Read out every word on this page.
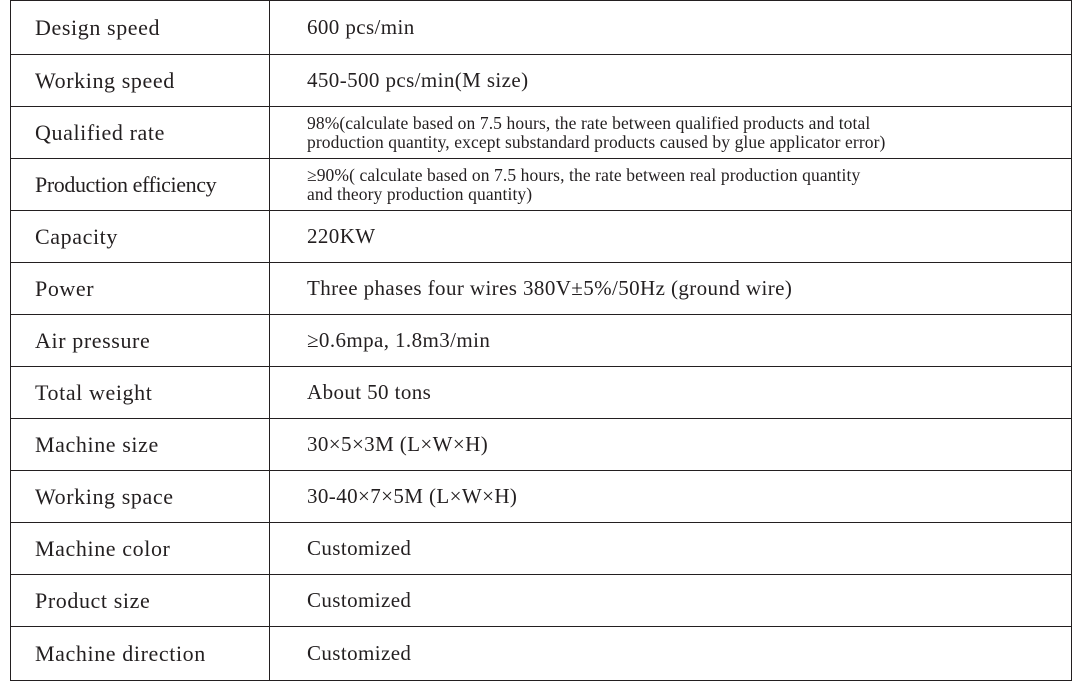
Design speed	600 pcs/min
Working speed	450-500 pcs/min(M size)
Qualified rate	98%(calculate based on 7.5 hours, the rate between qualified products and total
production quantity, except substandard products caused by glue applicator error)

Production efficiency	≥90%( calculate based on 7.5 hours, the rate between real production quantity
and theory production quantity)

Capacity	220KW
Power	Three phases four wires 380V±5%/50Hz (ground wire)
Air pressure	≥0.6mpa, 1.8m3/min
Total weight	About 50 tons
Machine size	30×5×3M (L×W×H)
Working space	30-40×7×5M (L×W×H)
Machine color	Customized
Product size	Customized
Machine direction	Customized
